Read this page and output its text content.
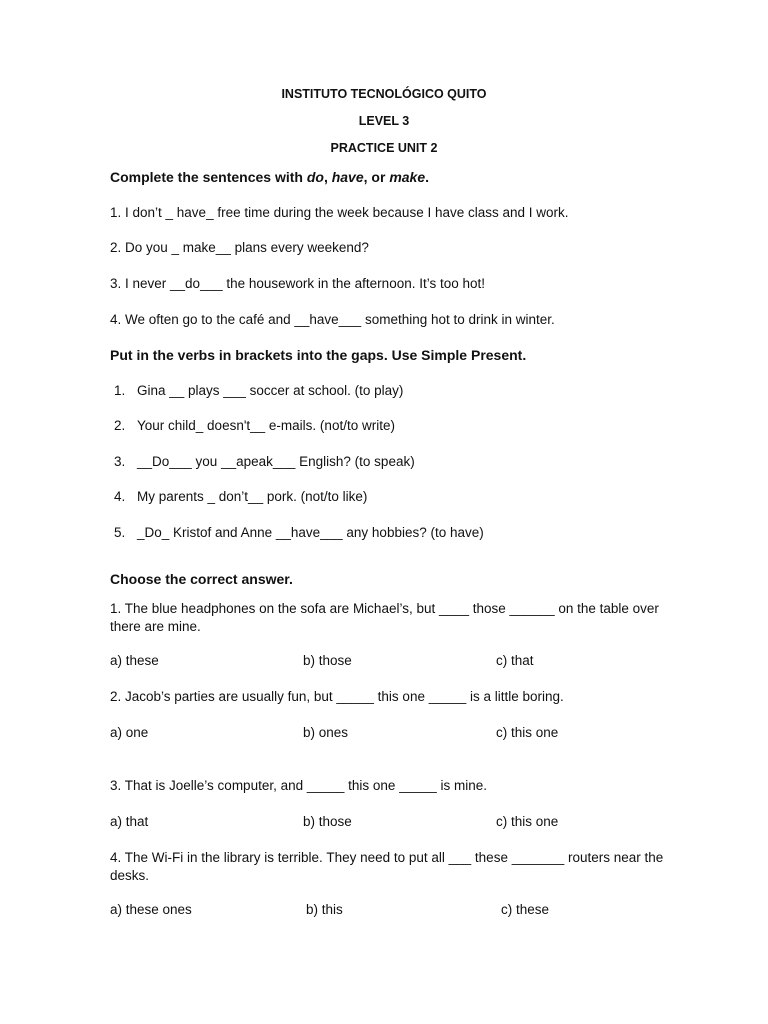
INSTITUTO TECNOLÓGICO QUITO
LEVEL 3
PRACTICE UNIT 2
Complete the sentences with do, have, or make.
1. I don’t _ have_ free time during the week because I have class and I work.
2. Do you _ make__ plans every weekend?
3. I never __do___ the housework in the afternoon. It’s too hot!
4. We often go to the café and __have___ something hot to drink in winter.
Put in the verbs in brackets into the gaps. Use Simple Present.
1. Gina __ plays ___ soccer at school. (to play)
2. Your child_ doesn't__ e-mails. (not/to write)
3. __Do___ you __apeak___ English? (to speak)
4. My parents _ don’t__ pork. (not/to like)
5. _Do_ Kristof and Anne __have___ any hobbies? (to have)
Choose the correct answer.
1. The blue headphones on the sofa are Michael’s, but ____ those ______ on the table over there are mine.
a) these	b) those	c) that
2. Jacob’s parties are usually fun, but _____ this one _____ is a little boring.
a) one	b) ones	c) this one
3. That is Joelle’s computer, and _____ this one _____ is mine.
a) that	b) those	c) this one
4. The Wi-Fi in the library is terrible. They need to put all ___ these _______ routers near the desks.
a) these ones	b) this	c) these
